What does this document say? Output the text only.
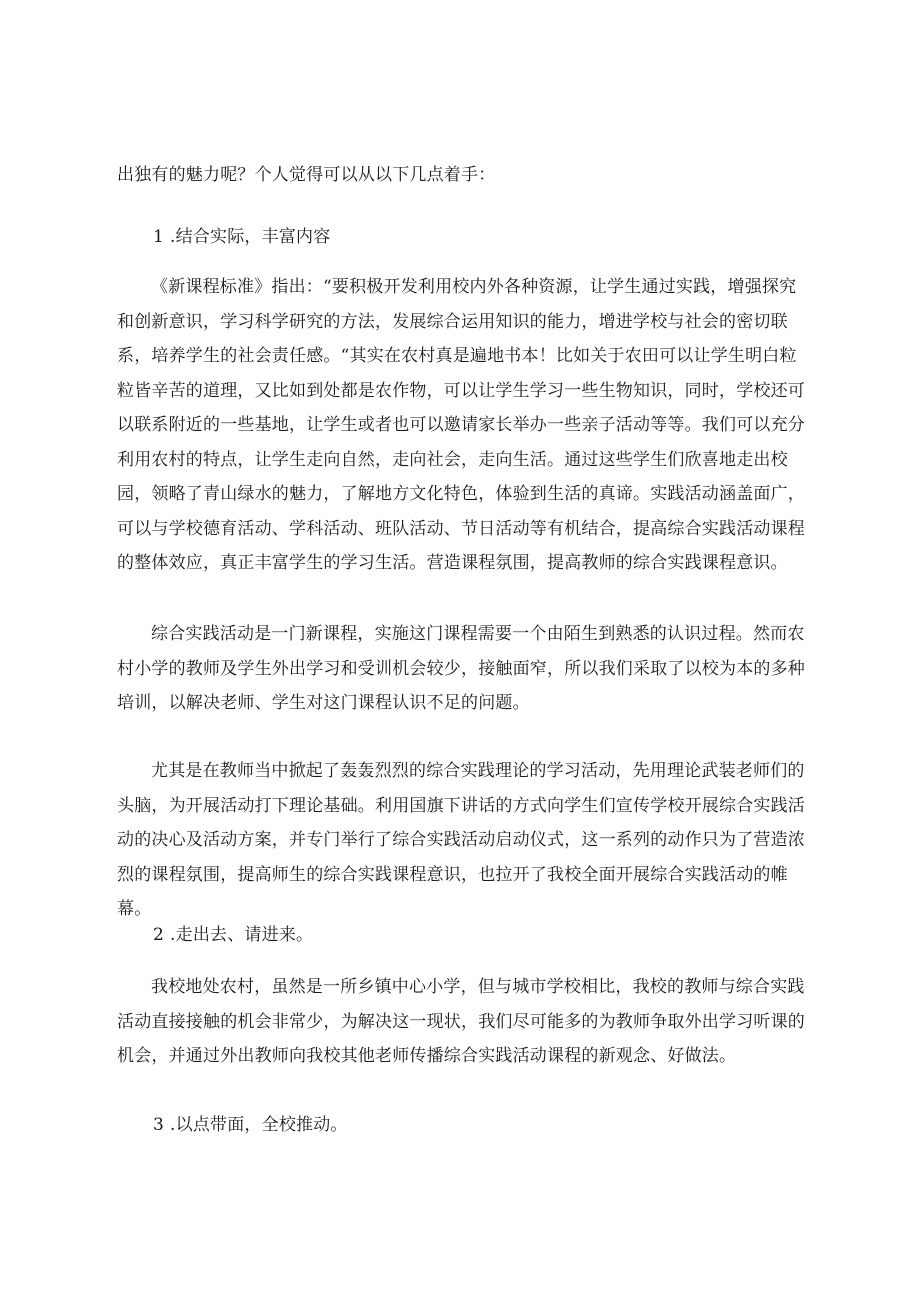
出独有的魅力呢？个人觉得可以从以下几点着手：

1 .结合实际，丰富内容

《新课程标准》指出：“要积极开发利用校内外各种资源，让学生通过实践，增强探究和创新意识，学习科学研究的方法，发展综合运用知识的能力，增进学校与社会的密切联系，培养学生的社会责任感。“其实在农村真是遍地书本！比如关于农田可以让学生明白粒粒皆辛苦的道理，又比如到处都是农作物，可以让学生学习一些生物知识，同时，学校还可以联系附近的一些基地，让学生或者也可以邀请家长举办一些亲子活动等等。我们可以充分利用农村的特点，让学生走向自然，走向社会，走向生活。通过这些学生们欣喜地走出校园，领略了青山绿水的魅力，了解地方文化特色，体验到生活的真谛。实践活动涵盖面广，可以与学校德育活动、学科活动、班队活动、节日活动等有机结合，提高综合实践活动课程的整体效应，真正丰富学生的学习生活。营造课程氛围，提高教师的综合实践课程意识。

综合实践活动是一门新课程，实施这门课程需要一个由陌生到熟悉的认识过程。然而农村小学的教师及学生外出学习和受训机会较少，接触面窄，所以我们采取了以校为本的多种培训，以解决老师、学生对这门课程认识不足的问题。

尤其是在教师当中掀起了轰轰烈烈的综合实践理论的学习活动，先用理论武装老师们的头脑，为开展活动打下理论基础。利用国旗下讲话的方式向学生们宣传学校开展综合实践活动的决心及活动方案，并专门举行了综合实践活动启动仪式，这一系列的动作只为了营造浓烈的课程氛围，提高师生的综合实践课程意识，也拉开了我校全面开展综合实践活动的帷幕。

2 .走出去、请进来。

我校地处农村，虽然是一所乡镇中心小学，但与城市学校相比，我校的教师与综合实践活动直接接触的机会非常少，为解决这一现状，我们尽可能多的为教师争取外出学习听课的机会，并通过外出教师向我校其他老师传播综合实践活动课程的新观念、好做法。

3 .以点带面，全校推动。
